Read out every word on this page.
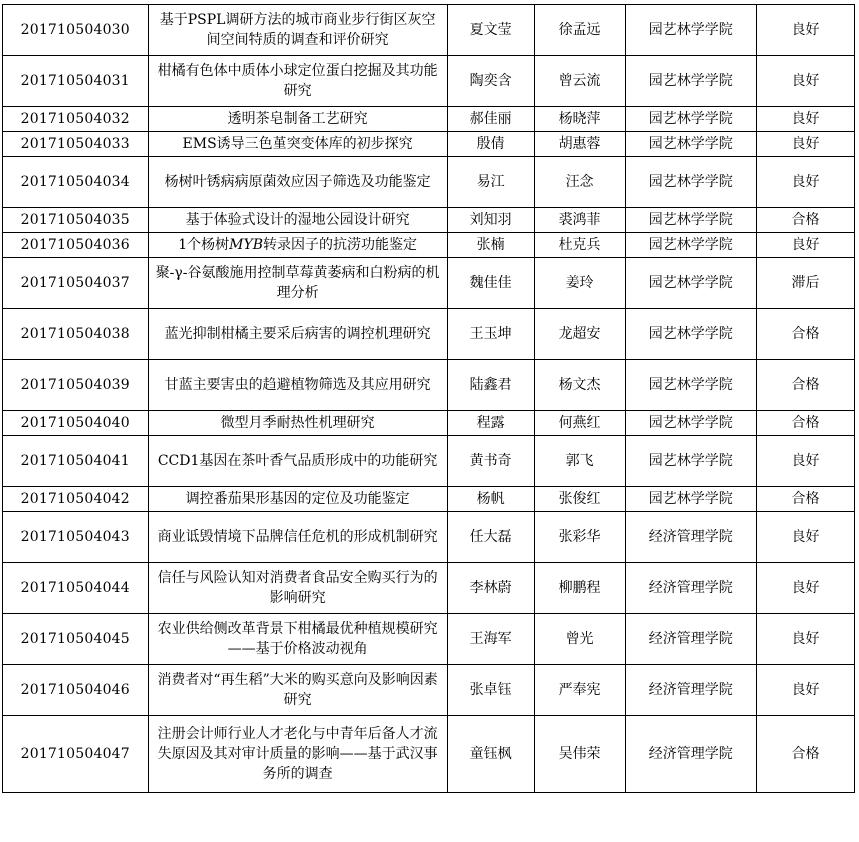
201710504030	基于PSPL调研方法的城市商业步行街区灰空间空间特质的调查和评价研究	夏文莹	徐孟远	园艺林学学院	良好
201710504031	柑橘有色体中质体小球定位蛋白挖掘及其功能研究	陶奕含	曾云流	园艺林学学院	良好
201710504032	透明茶皂制备工艺研究	郝佳丽	杨晓萍	园艺林学学院	良好
201710504033	EMS诱导三色堇突变体库的初步探究	殷倩	胡惠蓉	园艺林学学院	良好
201710504034	杨树叶锈病病原菌效应因子筛选及功能鉴定	易江	汪念	园艺林学学院	良好
201710504035	基于体验式设计的湿地公园设计研究	刘知羽	裘鸿菲	园艺林学学院	合格
201710504036	1个杨树MYB转录因子的抗涝功能鉴定	张楠	杜克兵	园艺林学学院	良好
201710504037	聚-γ-谷氨酸施用控制草莓黄萎病和白粉病的机理分析	魏佳佳	姜玲	园艺林学学院	滞后
201710504038	蓝光抑制柑橘主要采后病害的调控机理研究	王玉坤	龙超安	园艺林学学院	合格
201710504039	甘蓝主要害虫的趋避植物筛选及其应用研究	陆鑫君	杨文杰	园艺林学学院	合格
201710504040	微型月季耐热性机理研究	程露	何燕红	园艺林学学院	合格
201710504041	CCD1基因在茶叶香气品质形成中的功能研究	黄书奇	郭飞	园艺林学学院	良好
201710504042	调控番茄果形基因的定位及功能鉴定	杨帆	张俊红	园艺林学学院	合格
201710504043	商业诋毁情境下品牌信任危机的形成机制研究	任大磊	张彩华	经济管理学院	良好
201710504044	信任与风险认知对消费者食品安全购买行为的影响研究	李林蔚	柳鹏程	经济管理学院	良好
201710504045	农业供给侧改革背景下柑橘最优种植规模研究——基于价格波动视角	王海军	曾光	经济管理学院	良好
201710504046	消费者对“再生稻”大米的购买意向及影响因素研究	张卓钰	严奉宪	经济管理学院	良好
201710504047	注册会计师行业人才老化与中青年后备人才流失原因及其对审计质量的影响——基于武汉事务所的调查	童钰枫	吴伟荣	经济管理学院	合格
